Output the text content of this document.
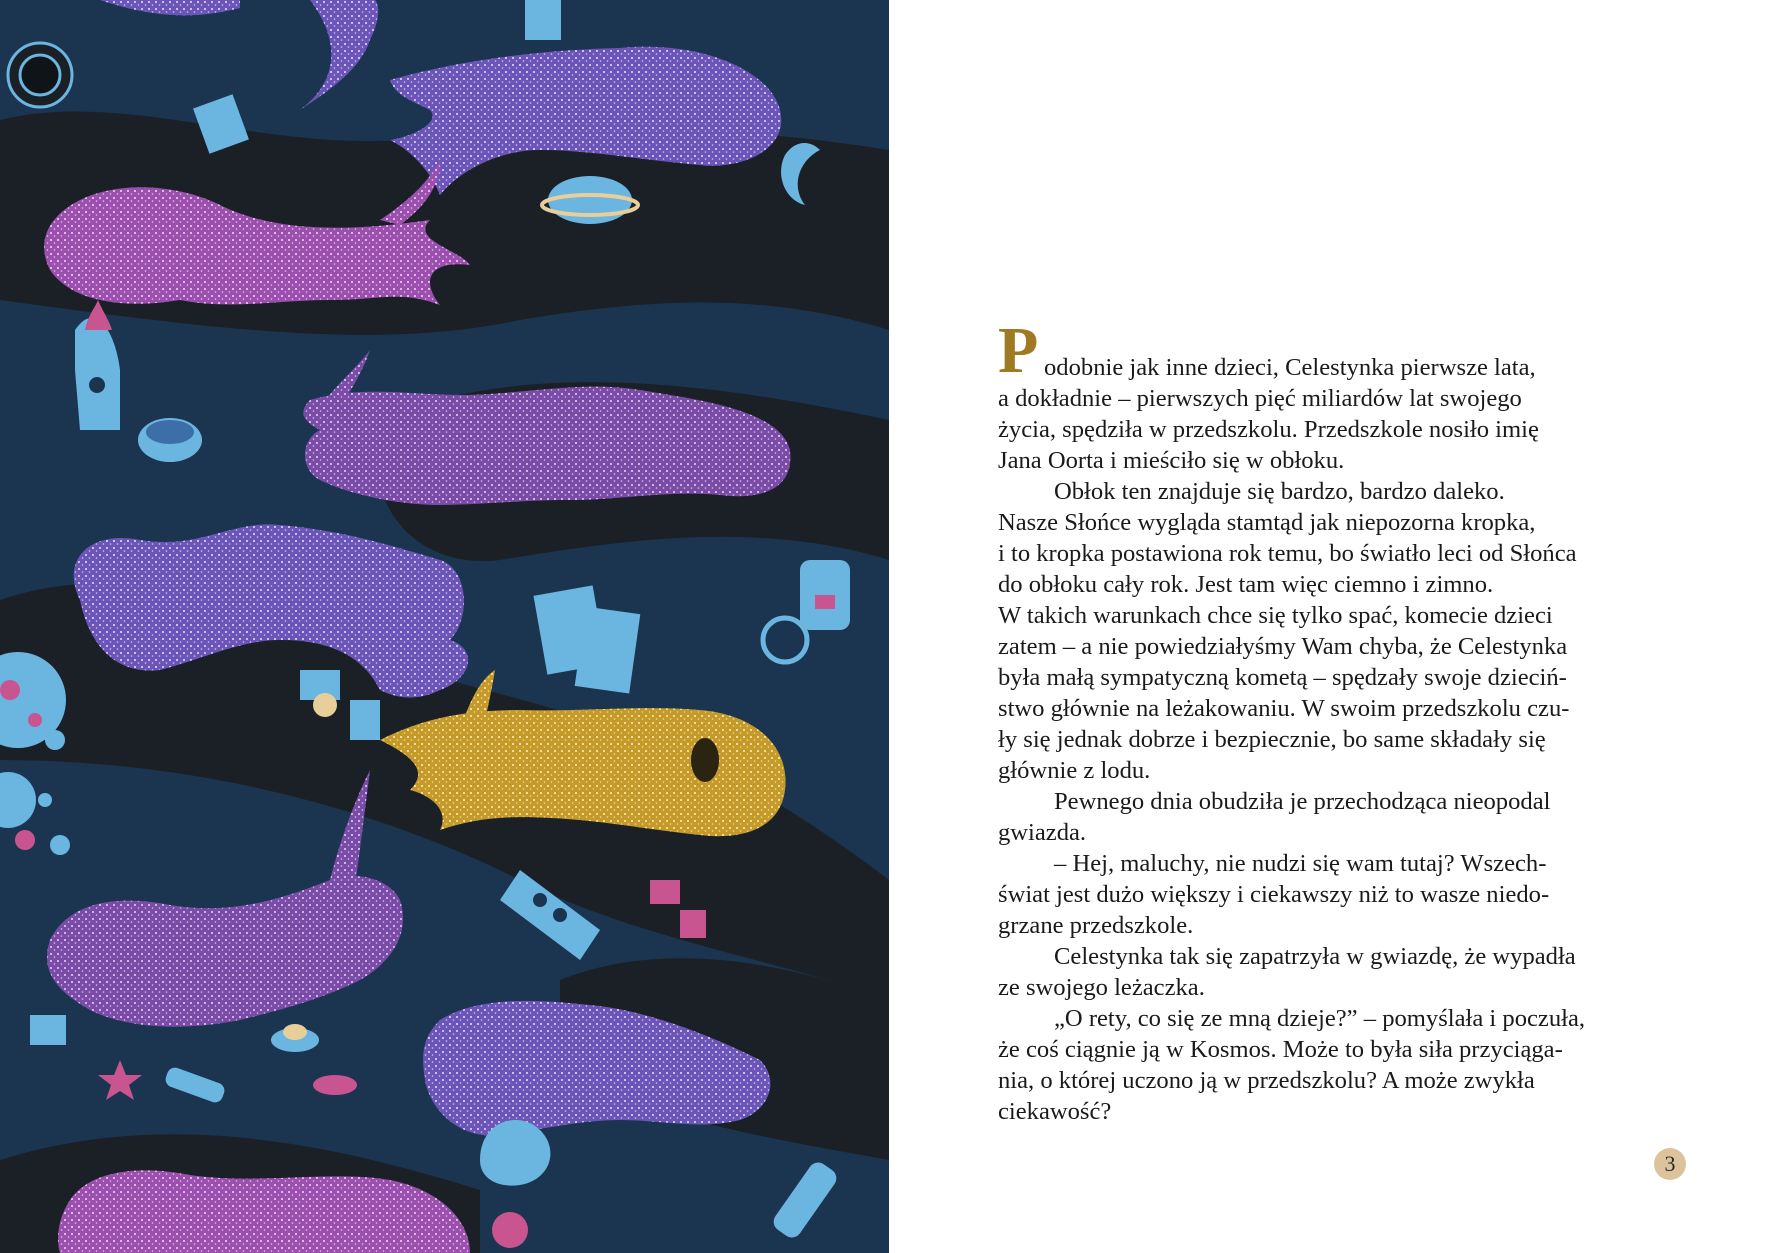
P odobnie jak inne dzieci, Celestynka pierwsze lata,
a dokładnie – pierwszych pięć miliardów lat swojego
życia, spędziła w przedszkolu. Przedszkole nosiło imię
Jana Oorta i mieściło się w obłoku.
Obłok ten znajduje się bardzo, bardzo daleko.
Nasze Słońce wygląda stamtąd jak niepozorna kropka,
i to kropka postawiona rok temu, bo światło leci od Słońca
do obłoku cały rok. Jest tam więc ciemno i zimno.
W takich warunkach chce się tylko spać, komecie dzieci
zatem – a nie powiedziałyśmy Wam chyba, że Celestynka
była małą sympatyczną kometą – spędzały swoje dzieciń-
stwo głównie na leżakowaniu. W swoim przedszkolu czu-
ły się jednak dobrze i bezpiecznie, bo same składały się
głównie z lodu.
Pewnego dnia obudziła je przechodząca nieopodal
gwiazda.
– Hej, maluchy, nie nudzi się wam tutaj? Wszech-
świat jest dużo większy i ciekawszy niż to wasze niedo-
grzane przedszkole.
Celestynka tak się zapatrzyła w gwiazdę, że wypadła
ze swojego leżaczka.
„O rety, co się ze mną dzieje?” – pomyślała i poczuła,
że coś ciągnie ją w Kosmos. Może to była siła przyciąga-
nia, o której uczono ją w przedszkolu? A może zwykła
ciekawość?
3
